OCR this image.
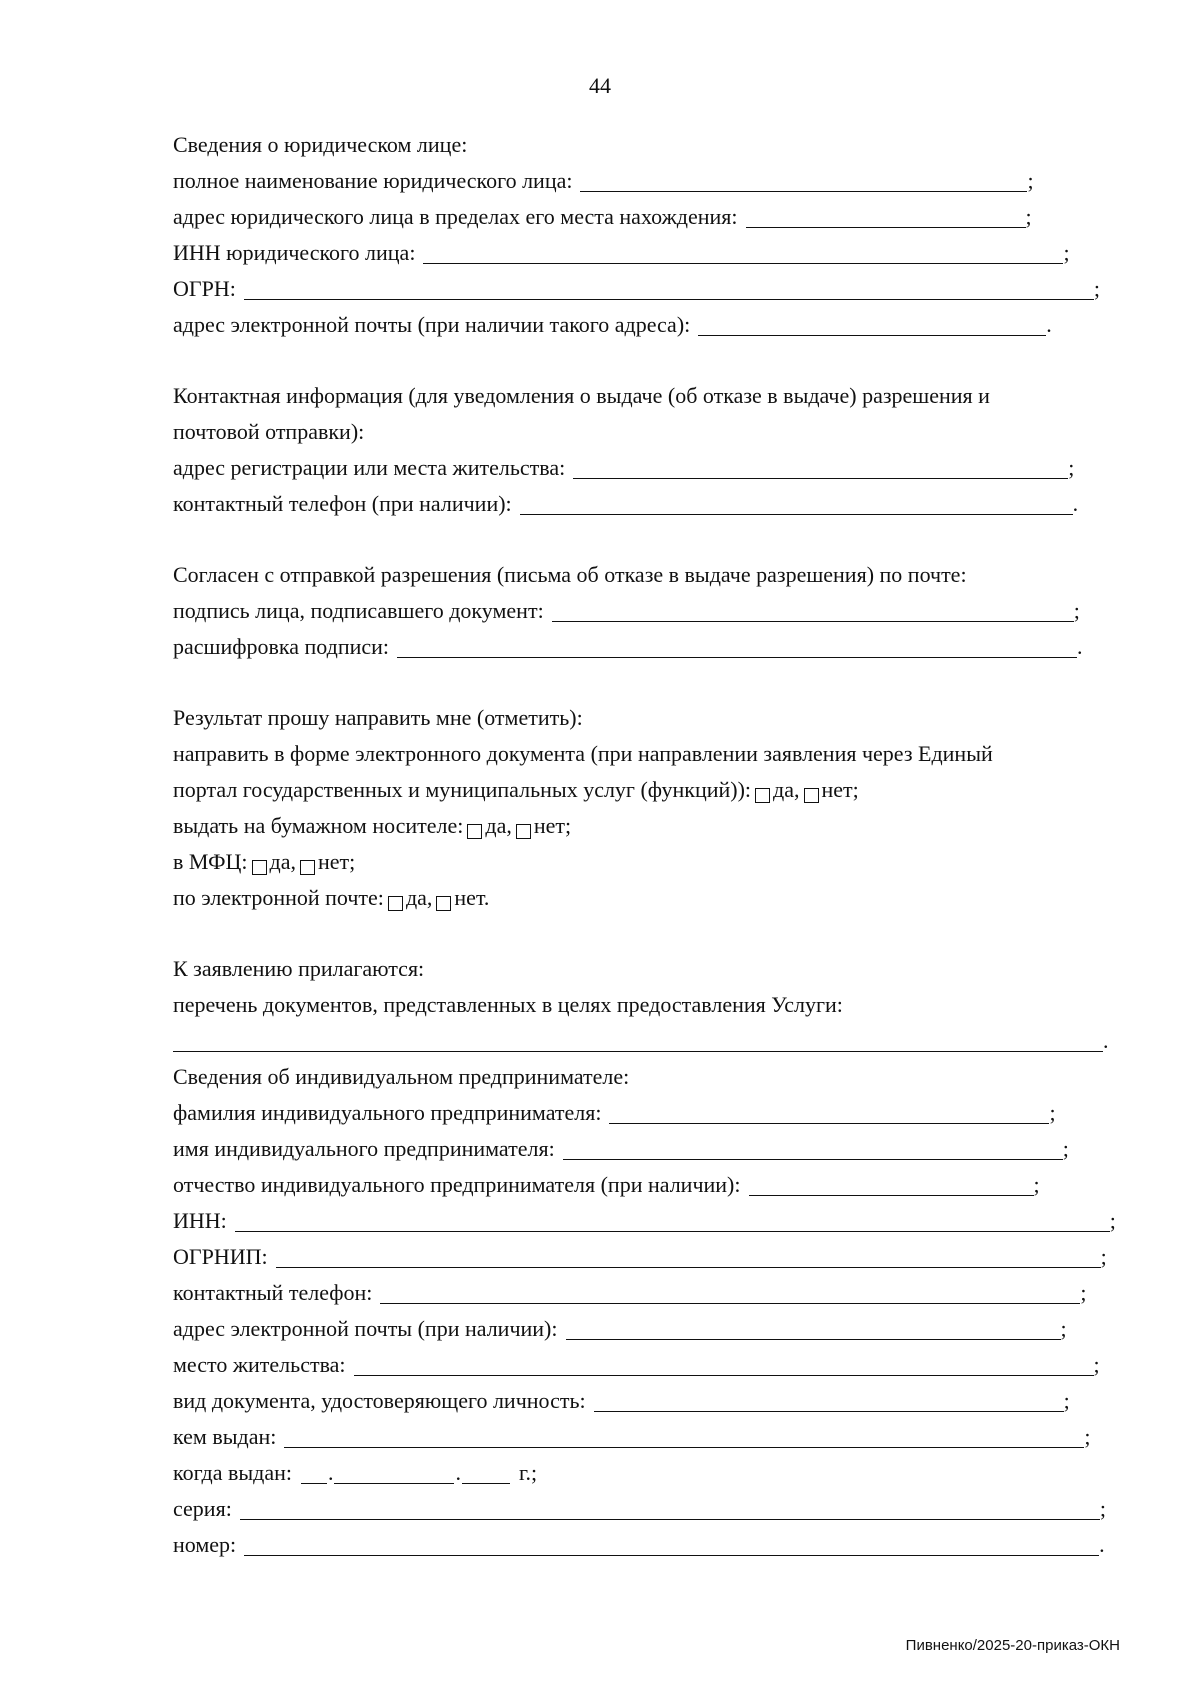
44
Сведения о юридическом лице:
полное наименование юридического лица:	;
адрес юридического лица в пределах его места нахождения:	;
ИНН юридического лица:	;
ОГРН:	;
адрес электронной почты (при наличии такого адреса):	.
Контактная информация (для уведомления о выдаче (об отказе в выдаче) разрешения и
почтовой отправки):
адрес регистрации или места жительства:	;
контактный телефон (при наличии):	.
Согласен с отправкой разрешения (письма об отказе в выдаче разрешения) по почте:
подпись лица, подписавшего документ:	;
расшифровка подписи:	.
Результат прошу направить мне (отметить):
направить в форме электронного документа (при направлении заявления через Единый
портал государственных и муниципальных услуг (функций)): да, нет;
выдать на бумажном носителе: да, нет;
в МФЦ: да, нет;
по электронной почте: да, нет.
К заявлению прилагаются:
перечень документов, представленных в целях предоставления Услуги:
.
Сведения об индивидуальном предпринимателе:
фамилия индивидуального предпринимателя:	;
имя индивидуального предпринимателя:	;
отчество индивидуального предпринимателя (при наличии):	;
ИНН:	;
ОГРНИП:	;
контактный телефон:	;
адрес электронной почты (при наличии):	;
место жительства:	;
вид документа, удостоверяющего личность:	;
кем выдан:	;
когда выдан:	.	.	г.;
серия:	;
номер:	.
Пивненко/2025-20-приказ-ОКН
